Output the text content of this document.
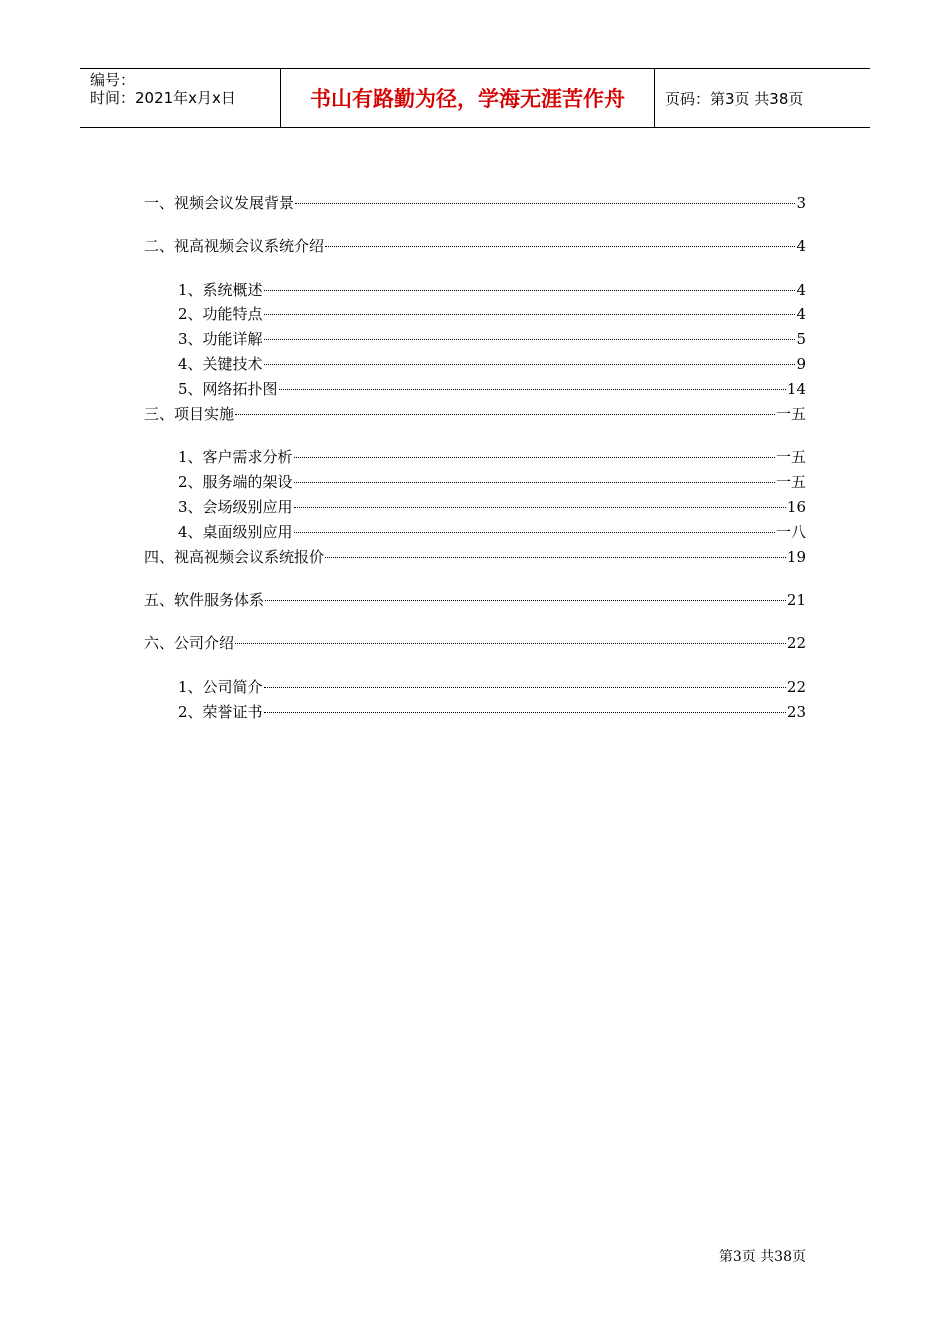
编号：
时间：2021年x月x日	书山有路勤为径，学海无涯苦作舟	页码：第3页 共38页
一、视频会议发展背景	3
二、视高视频会议系统介绍	4
1、系统概述	4
2、功能特点	4
3、功能详解	5
4、关键技术	9
5、网络拓扑图	14
三、项目实施	一五
1、客户需求分析	一五
2、服务端的架设	一五
3、会场级别应用	16
4、桌面级别应用	一八
四、视高视频会议系统报价	19
五、软件服务体系	21
六、公司介绍	22
1、公司简介	22
2、荣誉证书	23
第3页 共38页
